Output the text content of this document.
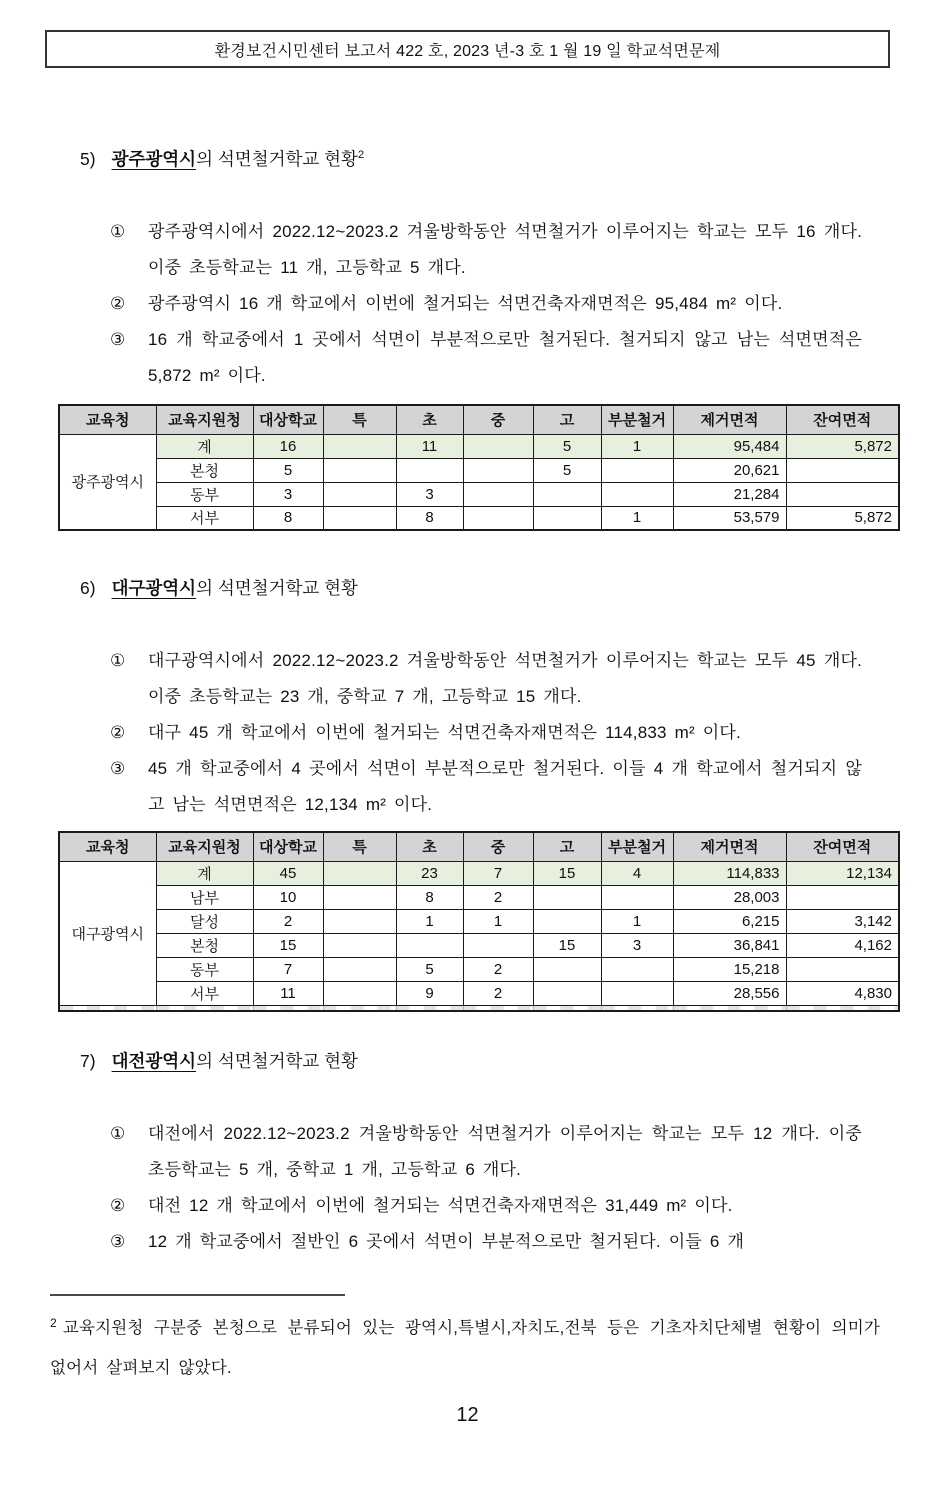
환경보건시민센터 보고서 422 호, 2023 년-3 호 1 월 19 일 학교석면문제
5) 광주광역시의 석면철거학교 현황$^2$
①	광주광역시에서 2022.12~2023.2 겨울방학동안 석면철거가 이루어지는 학교는 모두 16 개다. 이중 초등학교는 11 개, 고등학교 5 개다.
②	광주광역시 16 개 학교에서 이번에 철거되는 석면건축자재면적은 95,484 m² 이다.
③	16 개 학교중에서 1 곳에서 석면이 부분적으로만 철거된다. 철거되지 않고 남는 석면면적은 5,872 m² 이다.
교육청	교육지원청	대상학교	특	초	중	고	부분철거	제거면적	잔여면적
광주광역시	계	16		11		5	1	95,484	5,872
	본청	5				5		20,621	
	동부	3		3				21,284	
	서부	8		8			1	53,579	5,872
6) 대구광역시의 석면철거학교 현황
①	대구광역시에서 2022.12~2023.2 겨울방학동안 석면철거가 이루어지는 학교는 모두 45 개다. 이중 초등학교는 23 개, 중학교 7 개, 고등학교 15 개다.
②	대구 45 개 학교에서 이번에 철거되는 석면건축자재면적은 114,833 m² 이다.
③	45 개 학교중에서 4 곳에서 석면이 부분적으로만 철거된다. 이들 4 개 학교에서 철거되지 않고 남는 석면면적은 12,134 m² 이다.
교육청	교육지원청	대상학교	특	초	중	고	부분철거	제거면적	잔여면적
대구광역시	계	45		23	7	15	4	114,833	12,134
	남부	10		8	2			28,003	
	달성	2		1	1		1	6,215	3,142
	본청	15				15	3	36,841	4,162
	동부	7		5	2			15,218	
	서부	11		9	2			28,556	4,830

7) 대전광역시의 석면철거학교 현황
①	대전에서 2022.12~2023.2 겨울방학동안 석면철거가 이루어지는 학교는 모두 12 개다. 이중 초등학교는 5 개, 중학교 1 개, 고등학교 6 개다.
②	대전 12 개 학교에서 이번에 철거되는 석면건축자재면적은 31,449 m² 이다.
③	12 개 학교중에서 절반인 6 곳에서 석면이 부분적으로만 철거된다. 이들 6 개
$^2$ 교육지원청 구분중 본청으로 분류되어 있는 광역시,특별시,자치도,전북 등은 기초자치단체별 현황이 의미가 없어서 살펴보지 않았다.
12
